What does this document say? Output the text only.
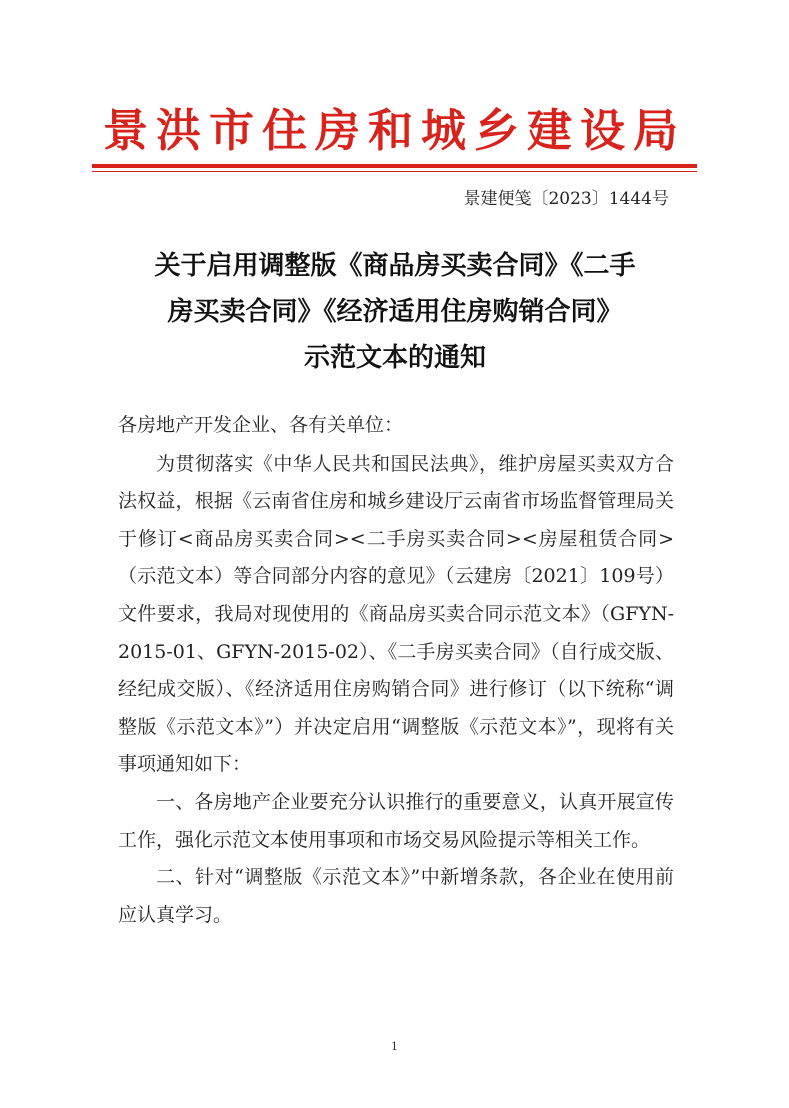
景洪市住房和城乡建设局
景建便笺〔2023〕1444号
关于启用调整版《商品房买卖合同》《二手
房买卖合同》《经济适用住房购销合同》
示范文本的通知

各房地产开发企业、各有关单位：

为贯彻落实《中华人民共和国民法典》，维护房屋买卖双方合法权益，根据《云南省住房和城乡建设厅云南省市场监督管理局关于修订<商品房买卖合同><二手房买卖合同><房屋租赁合同>（示范文本）等合同部分内容的意见》（云建房〔2021〕109号）文件要求，我局对现使用的《商品房买卖合同示范文本》（GFYN-2015-01、GFYN-2015-02）、《二手房买卖合同》（自行成交版、经纪成交版）、《经济适用住房购销合同》进行修订（以下统称“调整版《示范文本》”）并决定启用“调整版《示范文本》”，现将有关事项通知如下：

一、各房地产企业要充分认识推行的重要意义，认真开展宣传工作，强化示范文本使用事项和市场交易风险提示等相关工作。

二、针对“调整版《示范文本》”中新增条款，各企业在使用前应认真学习。

1
